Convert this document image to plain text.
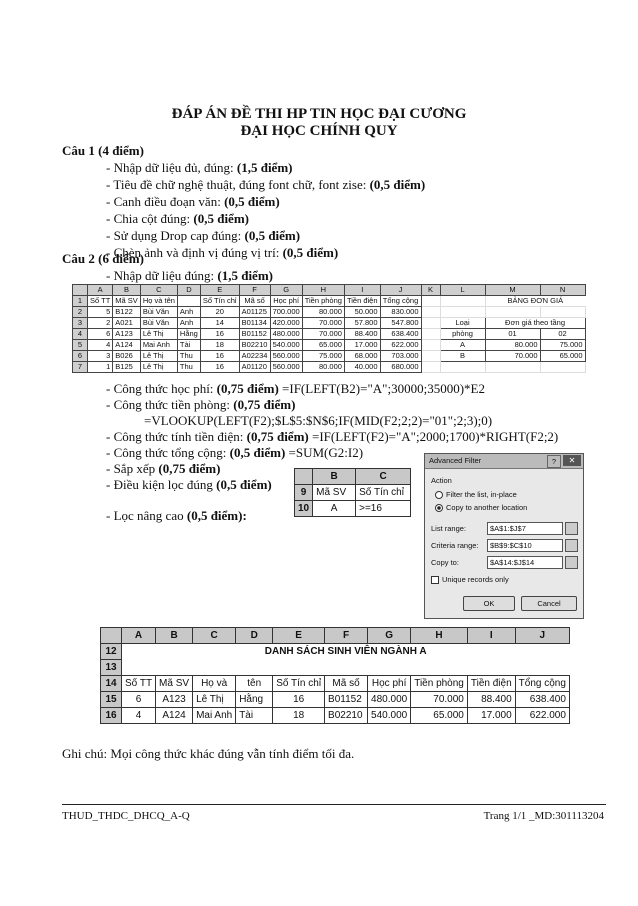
ĐÁP ÁN ĐỀ THI HP TIN HỌC ĐẠI CƯƠNG
ĐẠI HỌC CHÍNH QUY
Câu 1 (4 điểm)
- Nhập dữ liệu đủ, đúng: (1,5 điểm)
- Tiêu đề chữ nghệ thuật, đúng font chữ, font zise: (0,5 điểm)
- Canh điều đoạn văn: (0,5 điểm)
- Chia cột đúng: (0,5 điểm)
- Sử dụng Drop cap đúng: (0,5 điểm)
- Chèn ảnh và định vị đúng vị trí: (0,5 điểm)
Câu 2 (6 điểm)
- Nhập dữ liệu đúng: (1,5 điểm)
	A	B	C	D	E	F	G	H	I	J	K	L	M	N
1	Số TT	Mã SV	Họ và tên		Số Tín chỉ	Mã số	Học phí	Tiền phòng	Tiền điện	Tổng cộng			BẢNG ĐƠN GIÁ	
2	5	B122	Bùi Văn	Anh	20	A01125	700.000	80.000	50.000	830.000				
3	2	A021	Bùi Văn	Anh	14	B01134	420.000	70.000	57.800	547.800		Loại	Đơn giá theo tầng	
4	6	A123	Lê Thị	Hằng	16	B01152	480.000	70.000	88.400	638.400		phòng	01	02
5	4	A124	Mai Anh	Tài	18	B02210	540.000	65.000	17.000	622.000		A	80.000	75.000
6	3	B026	Lê Thị	Thu	16	A02234	560.000	75.000	68.000	703.000		B	70.000	65.000
7	1	B125	Lê Thị	Thu	16	A01120	560.000	80.000	40.000	680.000				
- Công thức học phí: (0,75 điểm) =IF(LEFT(B2)="A";30000;35000)*E2
- Công thức tiền phòng: (0,75 điểm)
=VLOOKUP(LEFT(F2);$L$5:$N$6;IF(MID(F2;2;2)="01";2;3);0)
- Công thức tính tiền điện: (0,75 điểm) =IF(LEFT(F2)="A";2000;1700)*RIGHT(F2;2)
- Công thức tổng cộng: (0,5 điểm) =SUM(G2:I2)
- Sắp xếp (0,75 điểm)
- Điều kiện lọc đúng (0,5 điểm)
- Lọc nâng cao (0,5 điểm):
	B	C
9	Mã SV	Số Tín chỉ
10	A	>=16
Advanced Filter	?	✕
Action
Filter the list, in-place
Copy to another location
List range:	$A$1:$J$7
Criteria range:	$B$9:$C$10
Copy to:	$A$14:$J$14
Unique records only
OK	Cancel
	A	B	C	D	E	F	G	H	I	J
12	DANH SÁCH SINH VIÊN NGÀNH A									
13										
14	Số TT	Mã SV	Họ và	tên	Số Tín chỉ	Mã số	Học phí	Tiền phòng	Tiền điện	Tổng cộng
15	6	A123	Lê Thị	Hằng	16	B01152	480.000	70.000	88.400	638.400
16	4	A124	Mai Anh	Tài	18	B02210	540.000	65.000	17.000	622.000
Ghi chú: Mọi công thức khác đúng vẫn tính điểm tối đa.
THUD_THDC_DHCQ_A-Q	Trang 1/1 _MD:301113204
